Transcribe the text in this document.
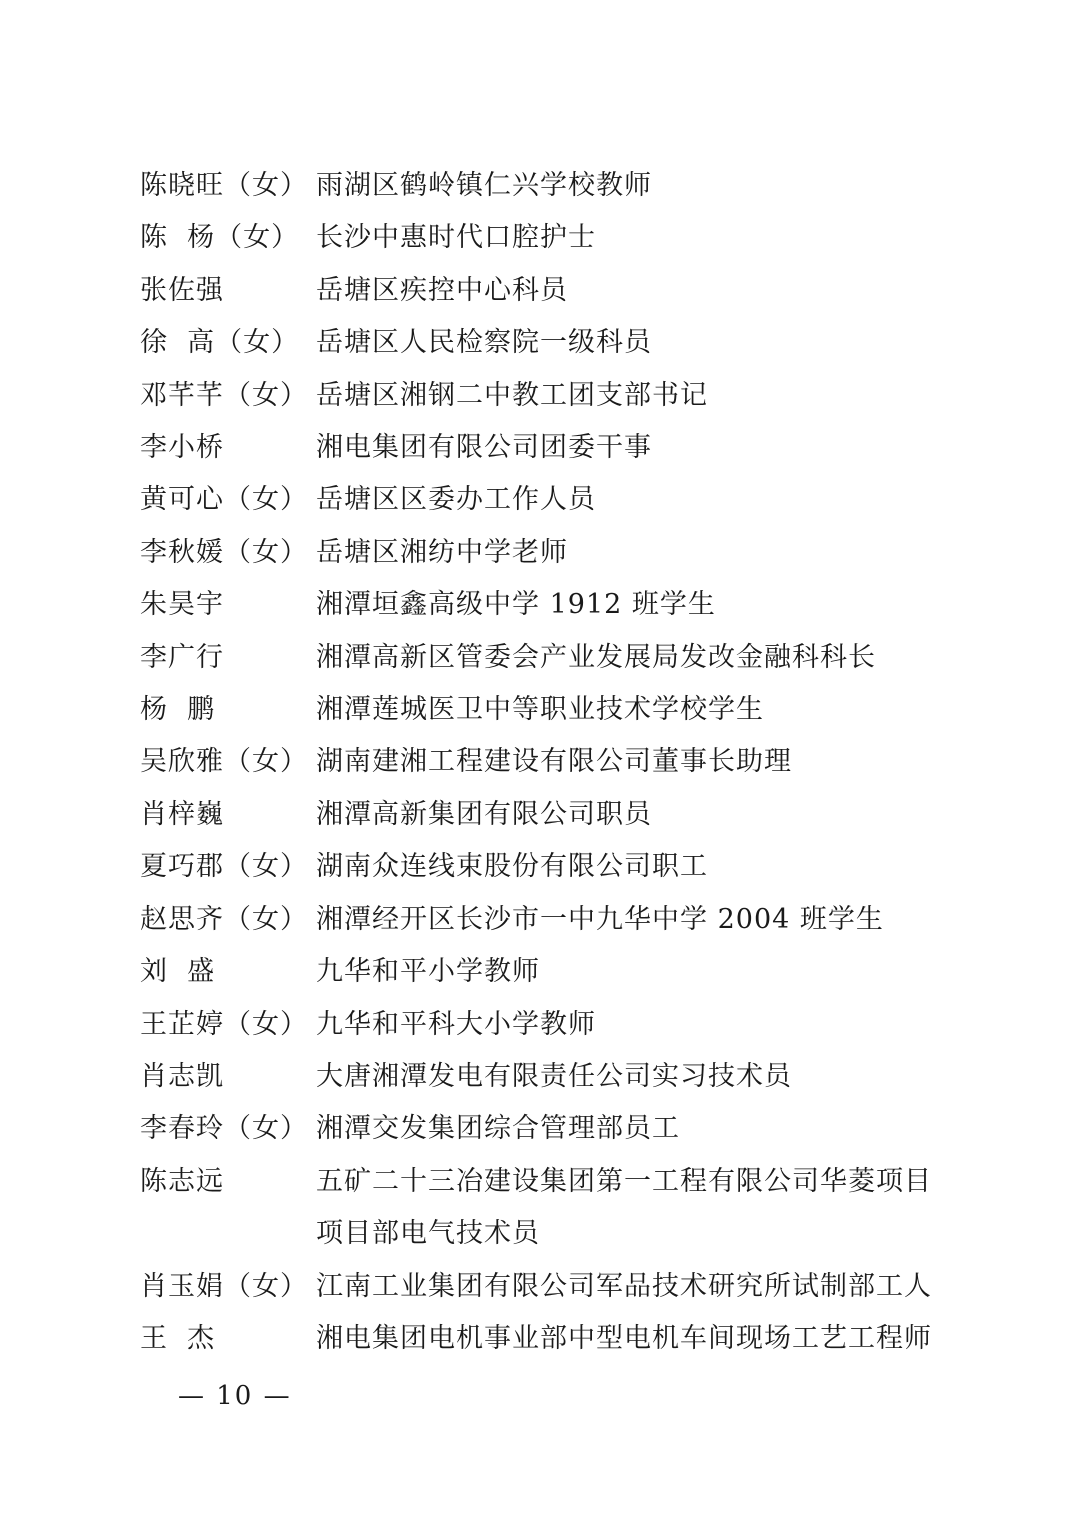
陈晓旺（女） 雨湖区鹤岭镇仁兴学校教师
陈  杨（女） 长沙中惠时代口腔护士
张佐强	岳塘区疾控中心科员
徐  高（女） 岳塘区人民检察院一级科员
邓芊芊（女） 岳塘区湘钢二中教工团支部书记
李小桥	湘电集团有限公司团委干事
黄可心（女） 岳塘区区委办工作人员
李秋媛（女） 岳塘区湘纺中学老师
朱昊宇	湘潭垣鑫高级中学 1912 班学生
李广行	湘潭高新区管委会产业发展局发改金融科科长
杨  鹏	湘潭莲城医卫中等职业技术学校学生
吴欣雅（女） 湖南建湘工程建设有限公司董事长助理
肖梓巍	湘潭高新集团有限公司职员
夏巧郡（女） 湖南众连线束股份有限公司职工
赵思齐（女） 湘潭经开区长沙市一中九华中学 2004 班学生
刘  盛	九华和平小学教师
王芷婷（女） 九华和平科大小学教师
肖志凯	大唐湘潭发电有限责任公司实习技术员
李春玲（女） 湘潭交发集团综合管理部员工
陈志远	五矿二十三冶建设集团第一工程有限公司华菱项目项目部电气技术员
肖玉娟（女） 江南工业集团有限公司军品技术研究所试制部工人
王  杰	湘电集团电机事业部中型电机车间现场工艺工程师
— 10 —
